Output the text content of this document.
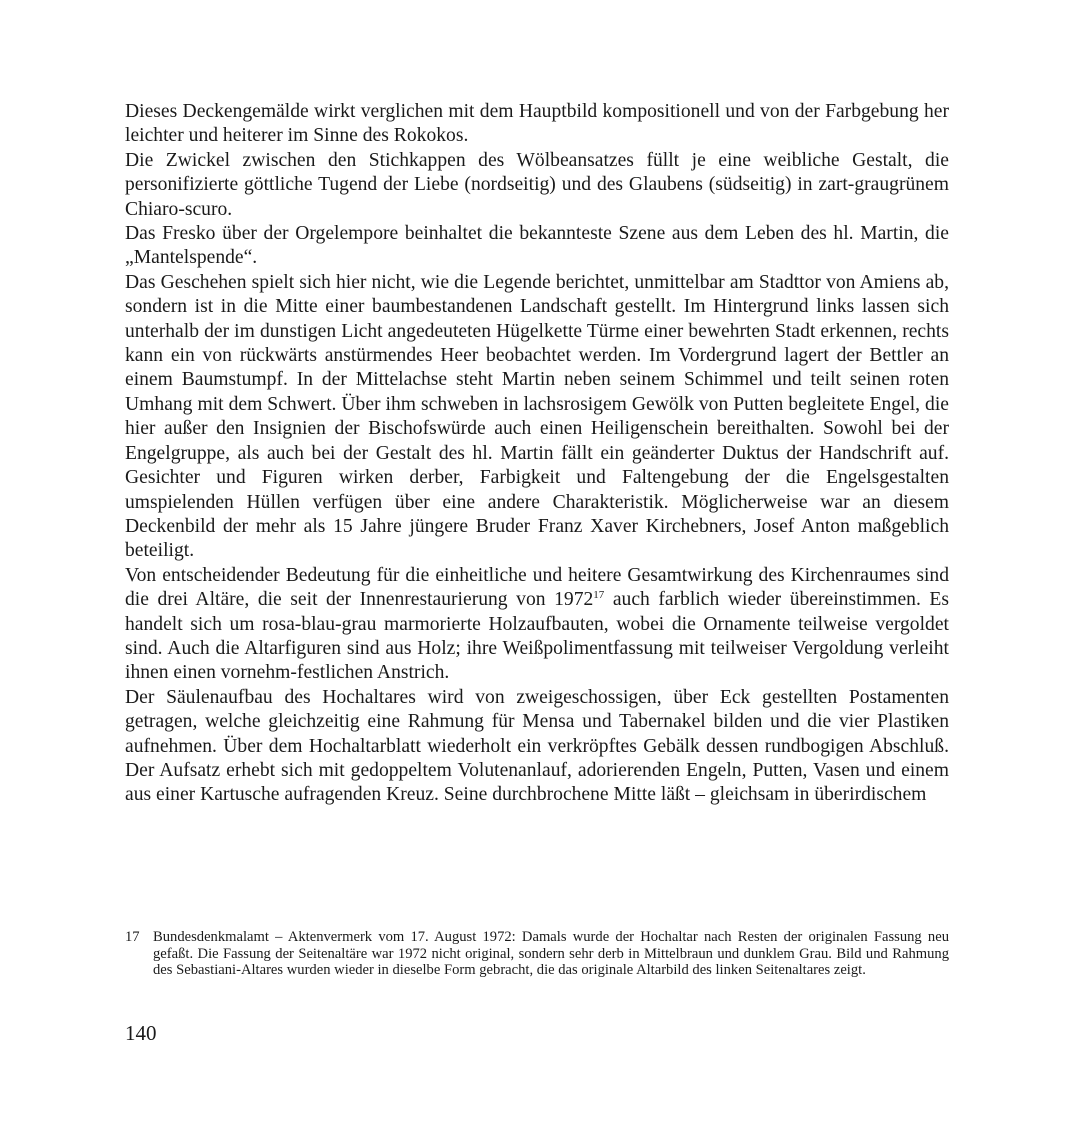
Dieses Deckengemälde wirkt verglichen mit dem Hauptbild kompositionell und von der Farbgebung her leichter und heiterer im Sinne des Rokokos.

Die Zwickel zwischen den Stichkappen des Wölbeansatzes füllt je eine weibliche Gestalt, die personifizierte göttliche Tugend der Liebe (nordseitig) und des Glaubens (südseitig) in zart-graugrünem Chiaro-scuro.

Das Fresko über der Orgelempore beinhaltet die bekannteste Szene aus dem Leben des hl. Martin, die „Mantelspende“.

Das Geschehen spielt sich hier nicht, wie die Legende berichtet, unmittelbar am Stadttor von Amiens ab, sondern ist in die Mitte einer baumbestandenen Landschaft gestellt. Im Hintergrund links lassen sich unterhalb der im dunstigen Licht angedeuteten Hügelkette Türme einer bewehrten Stadt erkennen, rechts kann ein von rückwärts anstürmendes Heer beobachtet werden. Im Vordergrund lagert der Bettler an einem Baumstumpf. In der Mittelachse steht Martin neben seinem Schimmel und teilt seinen roten Umhang mit dem Schwert. Über ihm schweben in lachsrosigem Gewölk von Putten begleitete Engel, die hier außer den Insignien der Bischofswürde auch einen Heiligenschein bereithalten. Sowohl bei der Engelgruppe, als auch bei der Gestalt des hl. Martin fällt ein geänderter Duktus der Handschrift auf. Gesichter und Figuren wirken derber, Farbigkeit und Faltengebung der die Engelsgestalten umspielenden Hüllen verfügen über eine andere Charakteristik. Möglicherweise war an diesem Deckenbild der mehr als 15 Jahre jüngere Bruder Franz Xaver Kirchebners, Josef Anton maßgeblich beteiligt.

Von entscheidender Bedeutung für die einheitliche und heitere Gesamtwirkung des Kirchenraumes sind die drei Altäre, die seit der Innenrestaurierung von 1972$^{17}$ auch farblich wieder übereinstimmen. Es handelt sich um rosa-blau-grau marmorierte Holzaufbauten, wobei die Ornamente teilweise vergoldet sind. Auch die Altarfiguren sind aus Holz; ihre Weißpolimentfassung mit teilweiser Vergoldung verleiht ihnen einen vornehm-festlichen Anstrich.

Der Säulenaufbau des Hochaltares wird von zweigeschossigen, über Eck gestellten Postamenten getragen, welche gleichzeitig eine Rahmung für Mensa und Tabernakel bilden und die vier Plastiken aufnehmen. Über dem Hochaltarblatt wiederholt ein verkröpftes Gebälk dessen rundbogigen Abschluß. Der Aufsatz erhebt sich mit gedoppeltem Volutenanlauf, adorierenden Engeln, Putten, Vasen und einem aus einer Kartusche aufragenden Kreuz. Seine durchbrochene Mitte läßt – gleichsam in überirdischem

17 Bundesdenkmalamt – Aktenvermerk vom 17. August 1972: Damals wurde der Hochaltar nach Resten der originalen Fassung neu gefaßt. Die Fassung der Seitenaltäre war 1972 nicht original, sondern sehr derb in Mittelbraun und dunklem Grau. Bild und Rahmung des Sebastiani-Altares wurden wieder in dieselbe Form gebracht, die das originale Altarbild des linken Seitenaltares zeigt.
140
